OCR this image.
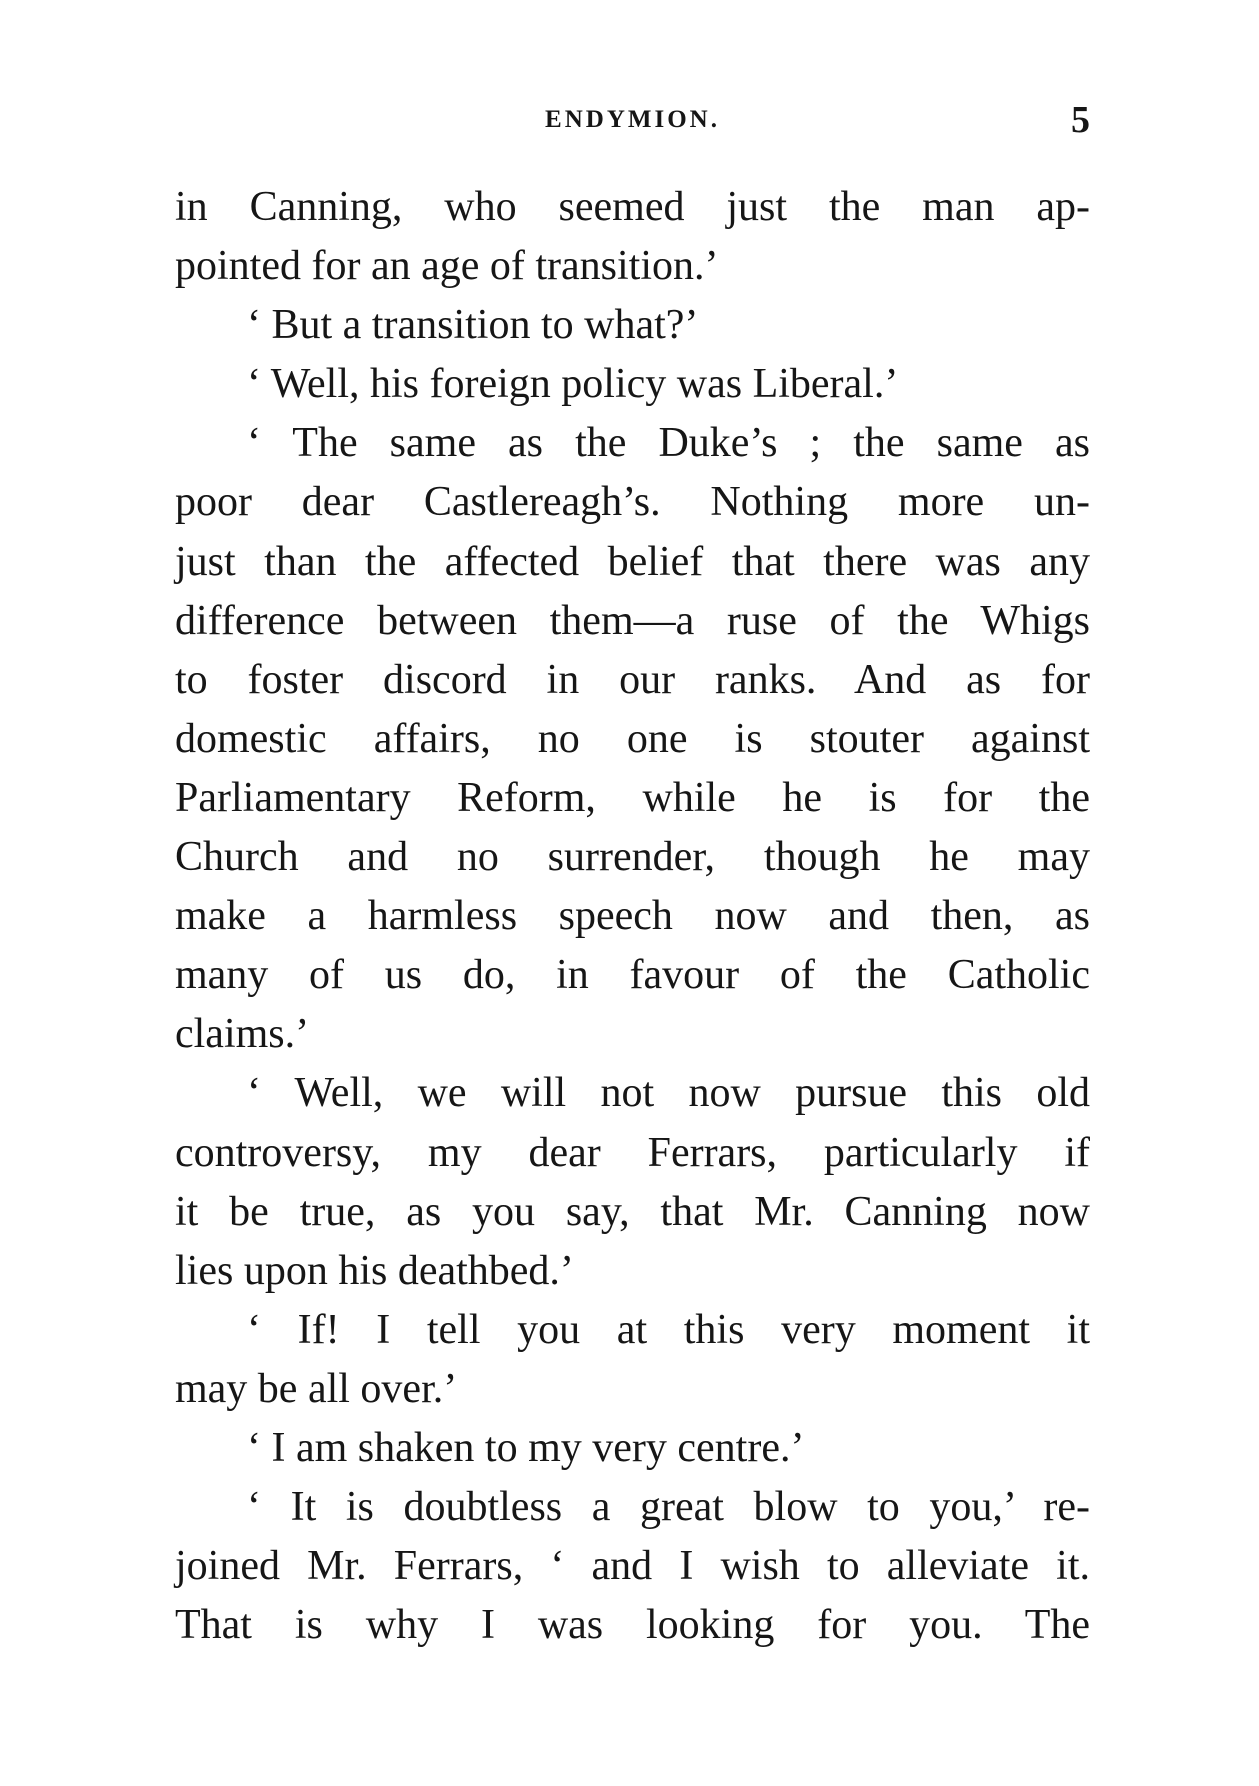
ENDYMION.	5
in Canning, who seemed just the man ap-
pointed for an age of transition.’
‘ But a transition to what?’
‘ Well, his foreign policy was Liberal.’
‘ The same as the Duke’s ; the same as
poor dear Castlereagh’s. Nothing more un-
just than the affected belief that there was any
difference between them—a ruse of the Whigs
to foster discord in our ranks. And as for
domestic affairs, no one is stouter against
Parliamentary Reform, while he is for the
Church and no surrender, though he may
make a harmless speech now and then, as
many of us do, in favour of the Catholic
claims.’
‘ Well, we will not now pursue this old
controversy, my dear Ferrars, particularly if
it be true, as you say, that Mr. Canning now
lies upon his deathbed.’
‘ If! I tell you at this very moment it
may be all over.’
‘ I am shaken to my very centre.’
‘ It is doubtless a great blow to you,’ re-
joined Mr. Ferrars, ‘ and I wish to alleviate it.
That is why I was looking for you. The
